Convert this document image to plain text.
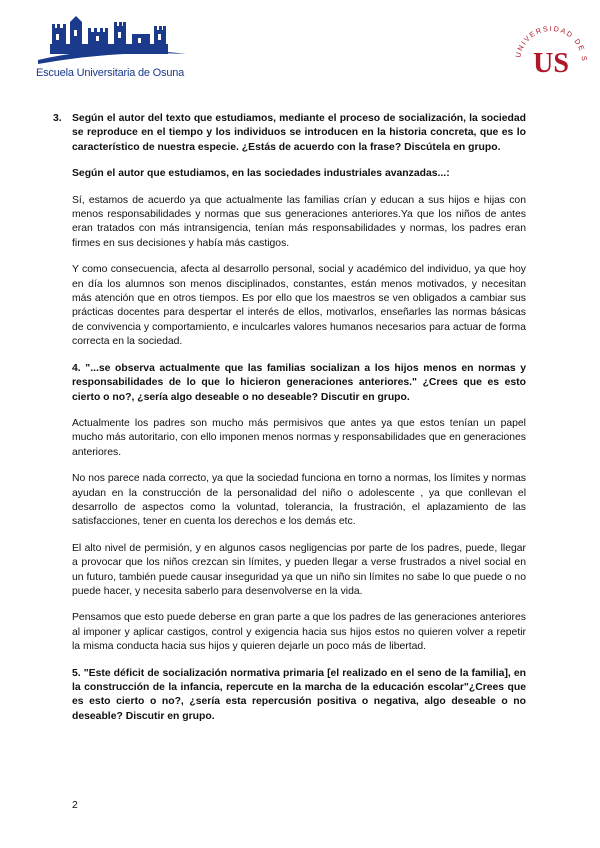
Escuela Universitaria de Osuna
UNIVERSIDAD DE S
US
3. Según el autor del texto que estudiamos, mediante el proceso de socialización, la sociedad se reproduce en el tiempo y los individuos se introducen en la historia concreta, que es lo característico de nuestra especie. ¿Estás de acuerdo con la frase? Discútela en grupo.
Según el autor que estudiamos, en las sociedades industriales avanzadas...:
Sí, estamos de acuerdo ya que actualmente las familias crían y educan a sus hijos e hijas con menos responsabilidades y normas que sus generaciones anteriores.Ya que los niños de antes eran tratados con más intransigencia, tenían más responsabilidades y normas, los padres eran firmes en sus decisiones y había más castigos.
Y como consecuencia, afecta al desarrollo personal, social y académico del individuo, ya que hoy en día los alumnos son menos disciplinados, constantes, están menos motivados, y necesitan más atención que en otros tiempos. Es por ello que los maestros se ven obligados a cambiar sus prácticas docentes para despertar el interés de ellos, motivarlos, enseñarles las normas básicas de convivencia y comportamiento, e inculcarles valores humanos necesarios para actuar de forma correcta en la sociedad.
4. "...se observa actualmente que las familias socializan a los hijos menos en normas y responsabilidades de lo que lo hicieron generaciones anteriores." ¿Crees que es esto cierto o no?, ¿sería algo deseable o no deseable? Discutir en grupo.
Actualmente los padres son mucho más permisivos que antes ya que estos tenían un papel mucho más autoritario, con ello imponen menos normas y responsabilidades que en generaciones anteriores.
No nos parece nada correcto, ya que la sociedad funciona en torno a normas, los límites y normas ayudan en la construcción de la personalidad del niño o adolescente , ya que conllevan el desarrollo de aspectos como la voluntad, tolerancia, la frustración, el aplazamiento de las satisfacciones, tener en cuenta los derechos e los demás etc.
El alto nivel de permisión, y en algunos casos negligencias por parte de los padres, puede, llegar a provocar que los niños crezcan sin límites, y pueden llegar a verse frustrados a nivel social en un futuro, también puede causar inseguridad ya que un niño sin límites no sabe lo que puede o no puede hacer, y necesita saberlo para desenvolverse en la vida.
Pensamos que esto puede deberse en gran parte a que los padres de las generaciones anteriores al imponer y aplicar castigos, control y exigencia hacia sus hijos estos no quieren volver a repetir la misma conducta hacia sus hijos y quieren dejarle un poco más de libertad.
5. "Este déficit de socialización normativa primaria [el realizado en el seno de la familia], en la construcción de la infancia, repercute en la marcha de la educación escolar"¿Crees que es esto cierto o no?, ¿sería esta repercusión positiva o negativa, algo deseable o no deseable? Discutir en grupo.
2
